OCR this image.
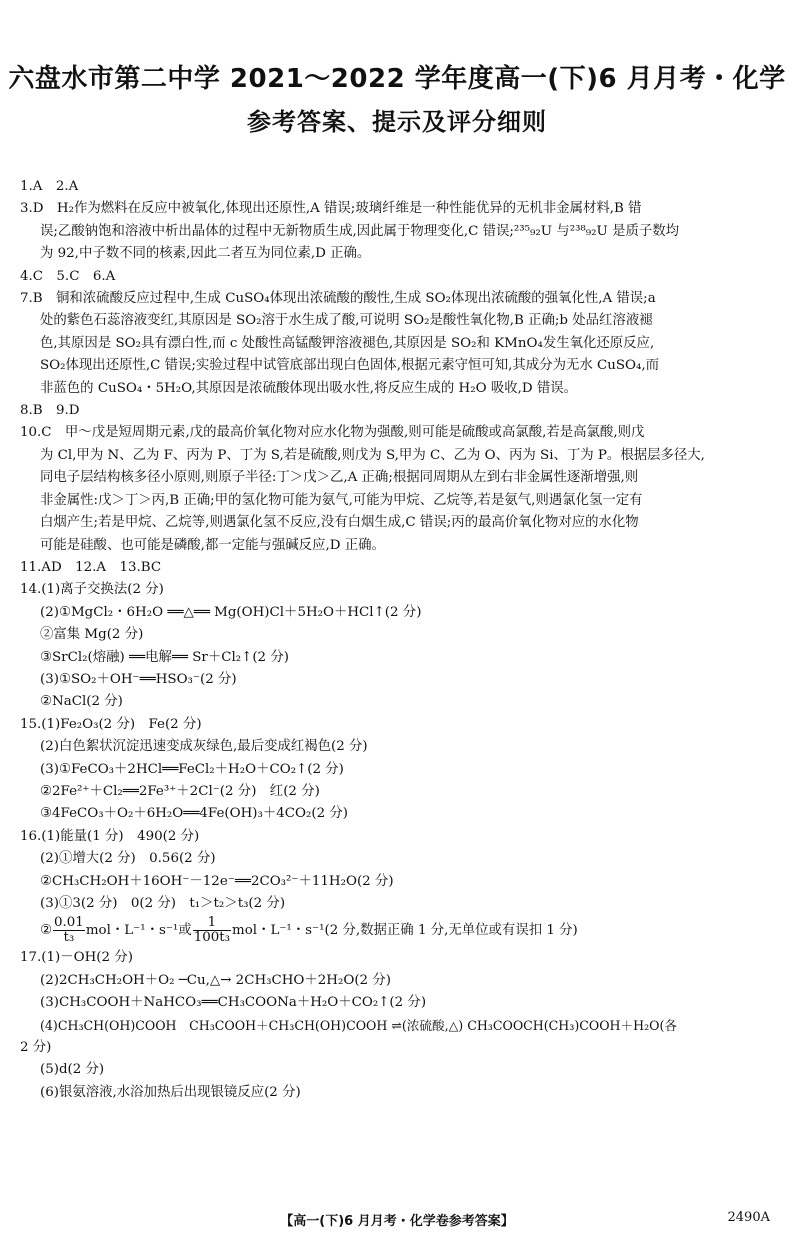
六盘水市第二中学 2021～2022 学年度高一(下)6 月月考・化学
参考答案、提示及评分细则
1.A　2.A
3.D　H₂作为燃料在反应中被氧化,体现出还原性,A 错误;玻璃纤维是一种性能优异的无机非金属材料,B 错
误;乙酸钠饱和溶液中析出晶体的过程中无新物质生成,因此属于物理变化,C 错误;²³⁵₉₂U 与²³⁸₉₂U 是质子数均
为 92,中子数不同的核素,因此二者互为同位素,D 正确。
4.C　5.C　6.A
7.B　铜和浓硫酸反应过程中,生成 CuSO₄体现出浓硫酸的酸性,生成 SO₂体现出浓硫酸的强氧化性,A 错误;a
处的紫色石蕊溶液变红,其原因是 SO₂溶于水生成了酸,可说明 SO₂是酸性氧化物,B 正确;b 处品红溶液褪
色,其原因是 SO₂具有漂白性,而 c 处酸性高锰酸钾溶液褪色,其原因是 SO₂和 KMnO₄发生氧化还原反应,
SO₂体现出还原性,C 错误;实验过程中试管底部出现白色固体,根据元素守恒可知,其成分为无水 CuSO₄,而
非蓝色的 CuSO₄・5H₂O,其原因是浓硫酸体现出吸水性,将反应生成的 H₂O 吸收,D 错误。
8.B　9.D
10.C　甲～戊是短周期元素,戊的最高价氧化物对应水化物为强酸,则可能是硫酸或高氯酸,若是高氯酸,则戊
为 Cl,甲为 N、乙为 F、丙为 P、丁为 S,若是硫酸,则戊为 S,甲为 C、乙为 O、丙为 Si、丁为 P。根据层多径大,
同电子层结构核多径小原则,则原子半径:丁＞戊＞乙,A 正确;根据同周期从左到右非金属性逐渐增强,则
非金属性:戊＞丁＞丙,B 正确;甲的氢化物可能为氨气,可能为甲烷、乙烷等,若是氨气,则遇氯化氢一定有
白烟产生;若是甲烷、乙烷等,则遇氯化氢不反应,没有白烟生成,C 错误;丙的最高价氧化物对应的水化物
可能是硅酸、也可能是磷酸,都一定能与强碱反应,D 正确。
11.AD　12.A　13.BC
14.(1)离子交换法(2 分)
(2)①MgCl₂・6H₂O ══△══ Mg(OH)Cl＋5H₂O＋HCl↑(2 分)
②富集 Mg(2 分)
③SrCl₂(熔融) ══电解══ Sr＋Cl₂↑(2 分)
(3)①SO₂＋OH⁻══HSO₃⁻(2 分)
②NaCl(2 分)
15.(1)Fe₂O₃(2 分)　Fe(2 分)
(2)白色絮状沉淀迅速变成灰绿色,最后变成红褐色(2 分)
(3)①FeCO₃＋2HCl══FeCl₂＋H₂O＋CO₂↑(2 分)
②2Fe²⁺＋Cl₂══2Fe³⁺＋2Cl⁻(2 分)　红(2 分)
③4FeCO₃＋O₂＋6H₂O══4Fe(OH)₃＋4CO₂(2 分)
16.(1)能量(1 分)　490(2 分)
(2)①增大(2 分)　0.56(2 分)
②CH₃CH₂OH＋16OH⁻－12e⁻══2CO₃²⁻＋11H₂O(2 分)
(3)①3(2 分)　0(2 分)　t₁＞t₂＞t₃(2 分)
② $\frac{0.01}{\text{t₃}}$ mol・L⁻¹・s⁻¹或 $\frac{1}{\text{100t₃}}$ mol・L⁻¹・s⁻¹(2 分,数据正确 1 分,无单位或有误扣 1 分)
17.(1)－OH(2 分)
(2)2CH₃CH₂OH＋O₂ ─Cu,△→ 2CH₃CHO＋2H₂O(2 分)
(3)CH₃COOH＋NaHCO₃══CH₃COONa＋H₂O＋CO₂↑(2 分)
(4)CH₃CH(OH)COOH　CH₃COOH＋CH₃CH(OH)COOH ⇌(浓硫酸,△) CH₃COOCH(CH₃)COOH＋H₂O(各
2 分)
(5)d(2 分)
(6)银氨溶液,水浴加热后出现银镜反应(2 分)
【高一(下)6 月月考・化学卷参考答案】	2490A
